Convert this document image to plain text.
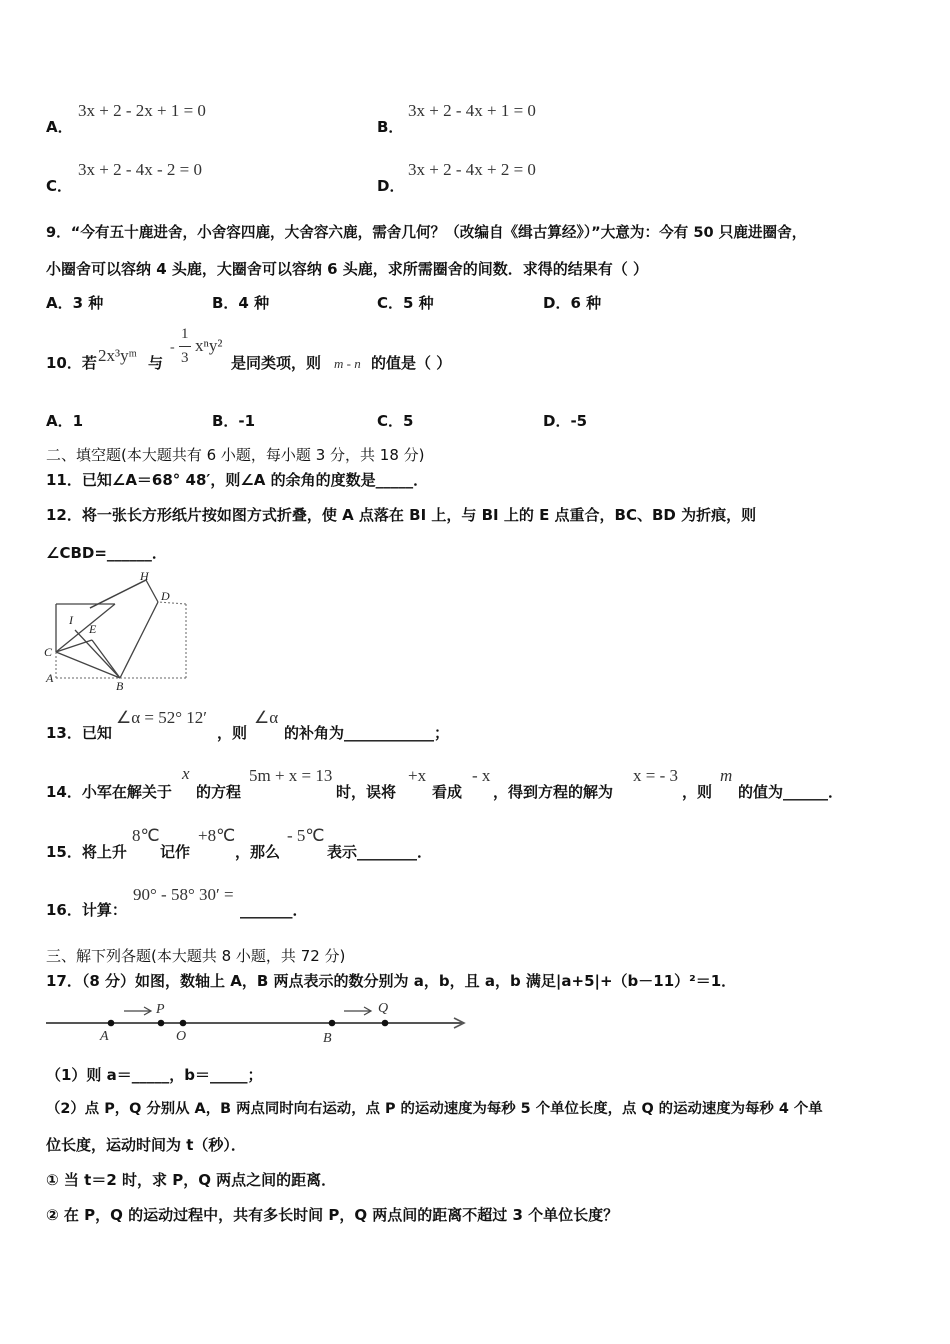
A．
3x + 2 - 2x + 1 = 0
B．
3x + 2 - 4x + 1 = 0
C．
3x + 2 - 4x - 2 = 0
D．
3x + 2 - 4x + 2 = 0
9．“今有五十鹿进舍，小舍容四鹿，大舍容六鹿，需舍几何？（改编自《缉古算经》）”大意为：今有 50 只鹿进圈舍，
小圈舍可以容纳 4 头鹿，大圈舍可以容纳 6 头鹿，求所需圈舍的间数．求得的结果有（ ）
A．3 种	B．4 种	C．5 种	D．6 种
10．若 2x³yᵐ 与
-
1
3
xⁿy²
是同类项，则 m - n 的值是（ ）
A．1	B．-1	C．5	D．-5
二、填空题(本大题共有 6 小题，每小题 3 分，共 18 分)
11．已知∠A＝68° 48′，则∠A 的余角的度数是_____．
12．将一张长方形纸片按如图方式折叠，使 A 点落在 BI 上，与 BI 上的 E 点重合，BC、BD 为折痕，则
∠CBD=______．
H
D
I
E
C
A
B
13．已知
∠α = 52° 12′
，则
∠α
的补角为____________；
14．小军在解关于
x
的方程
5m + x = 13
时，误将
+x
看成
- x
，得到方程的解为
x = - 3
，则
m
的值为______．
15．将上升
8℃
记作
+8℃
，那么
- 5℃
表示________．
16．计算：
90° - 58° 30′ =
_______．
三、解下列各题(本大题共 8 小题，共 72 分)
17．（8 分）如图，数轴上 A，B 两点表示的数分别为 a，b，且 a，b 满足|a+5|+（b－11）²＝1．
A
P
O	B
Q
（1）则 a＝_____，b＝_____；
（2）点 P，Q 分别从 A，B 两点同时向右运动，点 P 的运动速度为每秒 5 个单位长度，点 Q 的运动速度为每秒 4 个单
位长度，运动时间为 t（秒）．
① 当 t＝2 时，求 P，Q 两点之间的距离．
② 在 P，Q 的运动过程中，共有多长时间 P，Q 两点间的距离不超过 3 个单位长度？
